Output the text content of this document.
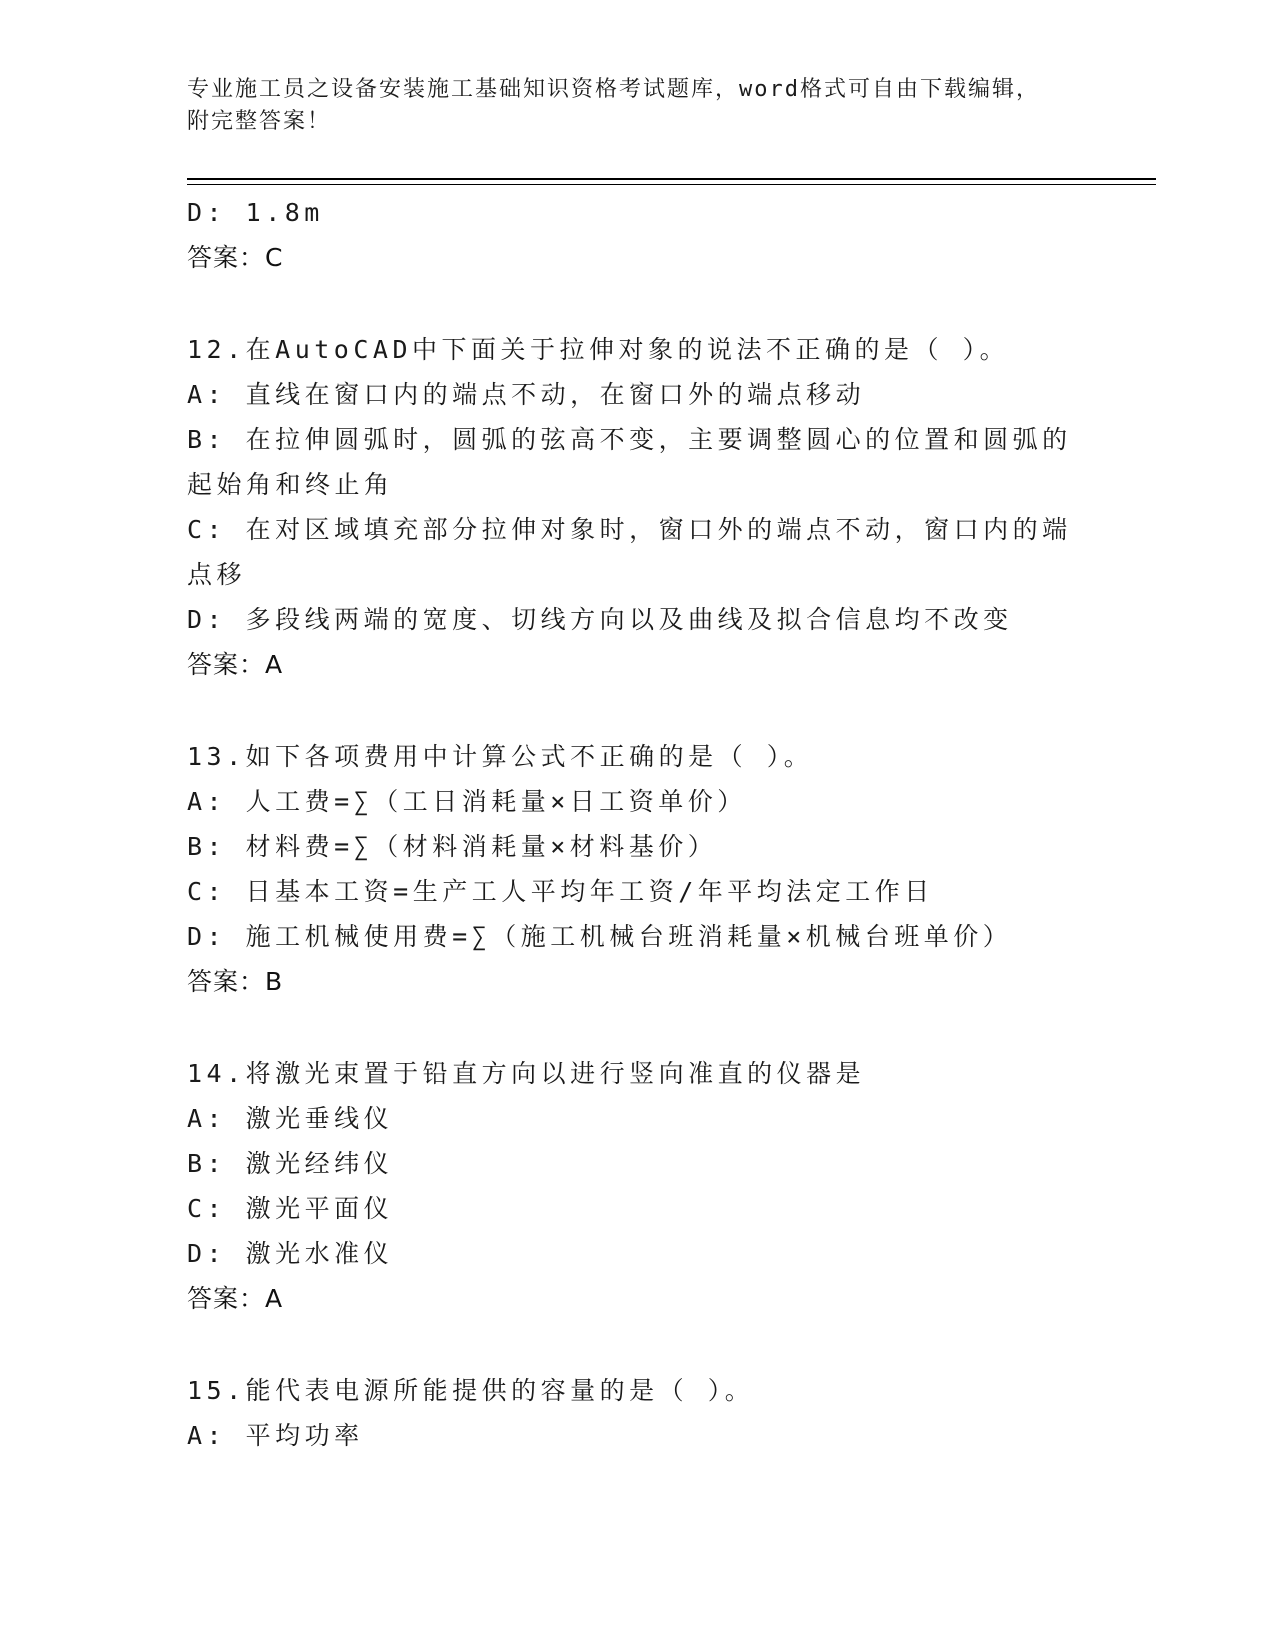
专业施工员之设备安装施工基础知识资格考试题库，word格式可自由下载编辑，
附完整答案！
D: 1.8m
答案：C
12.在AutoCAD中下面关于拉伸对象的说法不正确的是（ ）。
A: 直线在窗口内的端点不动，在窗口外的端点移动
B: 在拉伸圆弧时，圆弧的弦高不变，主要调整圆心的位置和圆弧的起始角和终止角
C: 在对区域填充部分拉伸对象时，窗口外的端点不动，窗口内的端点移
D: 多段线两端的宽度、切线方向以及曲线及拟合信息均不改变
答案：A
13.如下各项费用中计算公式不正确的是（ ）。
A: 人工费=∑（工日消耗量×日工资单价）
B: 材料费=∑（材料消耗量×材料基价）
C: 日基本工资=生产工人平均年工资/年平均法定工作日
D: 施工机械使用费=∑（施工机械台班消耗量×机械台班单价）
答案：B
14.将激光束置于铅直方向以进行竖向准直的仪器是
A: 激光垂线仪
B: 激光经纬仪
C: 激光平面仪
D: 激光水准仪
答案：A
15.能代表电源所能提供的容量的是（ ）。
A: 平均功率
